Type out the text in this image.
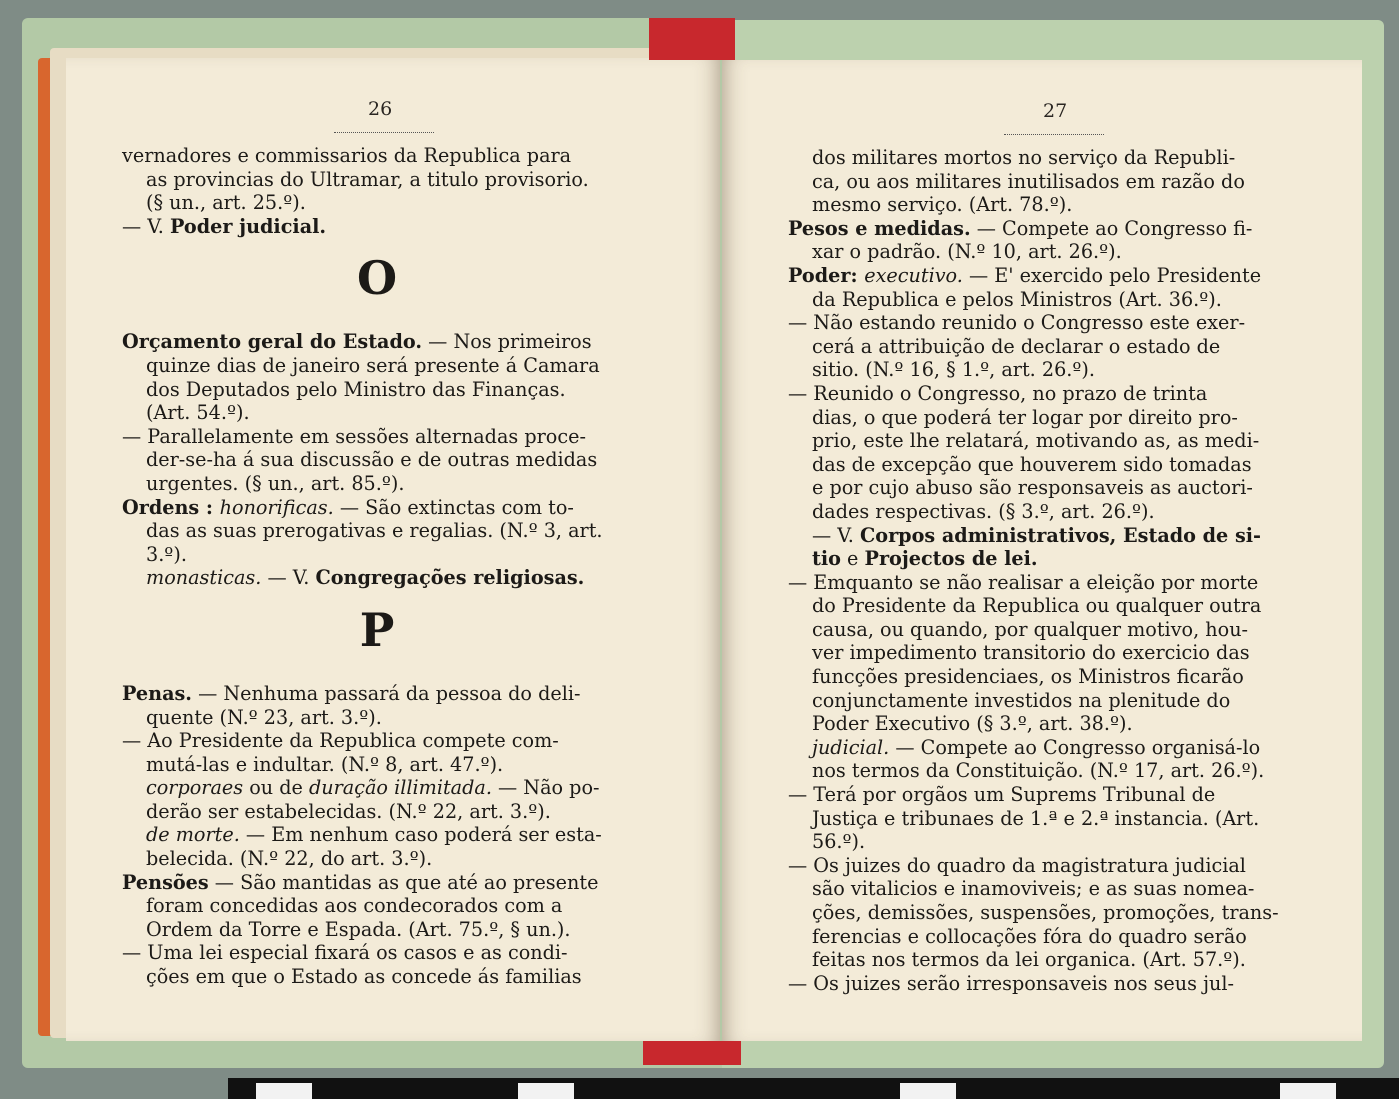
26
vernadores e commissarios da Republica para
as provincias do Ultramar, a titulo provisorio.
(§ un., art. 25.º).
— V. Poder judicial.
O
Orçamento geral do Estado. — Nos primeiros
quinze dias de janeiro será presente á Camara
dos Deputados pelo Ministro das Finanças.
(Art. 54.º).
— Parallelamente em sessões alternadas proce-
der-se-ha á sua discussão e de outras medidas
urgentes. (§ un., art. 85.º).
Ordens : honorificas. — São extinctas com to-
das as suas prerogativas e regalias. (N.º 3, art.
3.º).
monasticas. — V. Congregações religiosas.
P
Penas. — Nenhuma passará da pessoa do deli-
quente (N.º 23, art. 3.º).
— Ao Presidente da Republica compete com-
mutá-las e indultar. (N.º 8, art. 47.º).
corporaes ou de duração illimitada. — Não po-
derão ser estabelecidas. (N.º 22, art. 3.º).
de morte. — Em nenhum caso poderá ser esta-
belecida. (N.º 22, do art. 3.º).
Pensões — São mantidas as que até ao presente
foram concedidas aos condecorados com a
Ordem da Torre e Espada. (Art. 75.º, § un.).
— Uma lei especial fixará os casos e as condi-
ções em que o Estado as concede ás familias
27
dos militares mortos no serviço da Republi-
ca, ou aos militares inutilisados em razão do
mesmo serviço. (Art. 78.º).
Pesos e medidas. — Compete ao Congresso fi-
xar o padrão. (N.º 10, art. 26.º).
Poder: executivo. — E' exercido pelo Presidente
da Republica e pelos Ministros (Art. 36.º).
— Não estando reunido o Congresso este exer-
cerá a attribuição de declarar o estado de
sitio. (N.º 16, § 1.º, art. 26.º).
— Reunido o Congresso, no prazo de trinta
dias, o que poderá ter logar por direito pro-
prio, este lhe relatará, motivando as, as medi-
das de excepção que houverem sido tomadas
e por cujo abuso são responsaveis as auctori-
dades respectivas. (§ 3.º, art. 26.º).
— V. Corpos administrativos, Estado de si-
tio e Projectos de lei.
— Emquanto se não realisar a eleição por morte
do Presidente da Republica ou qualquer outra
causa, ou quando, por qualquer motivo, hou-
ver impedimento transitorio do exercicio das
funcções presidenciaes, os Ministros ficarão
conjunctamente investidos na plenitude do
Poder Executivo (§ 3.º, art. 38.º).
judicial. — Compete ao Congresso organisá-lo
nos termos da Constituição. (N.º 17, art. 26.º).
— Terá por orgãos um Suprems Tribunal de
Justiça e tribunaes de 1.ª e 2.ª instancia. (Art.
56.º).
— Os juizes do quadro da magistratura judicial
são vitalicios e inamoviveis; e as suas nomea-
ções, demissões, suspensões, promoções, trans-
ferencias e collocações fóra do quadro serão
feitas nos termos da lei organica. (Art. 57.º).
— Os juizes serão irresponsaveis nos seus jul-
